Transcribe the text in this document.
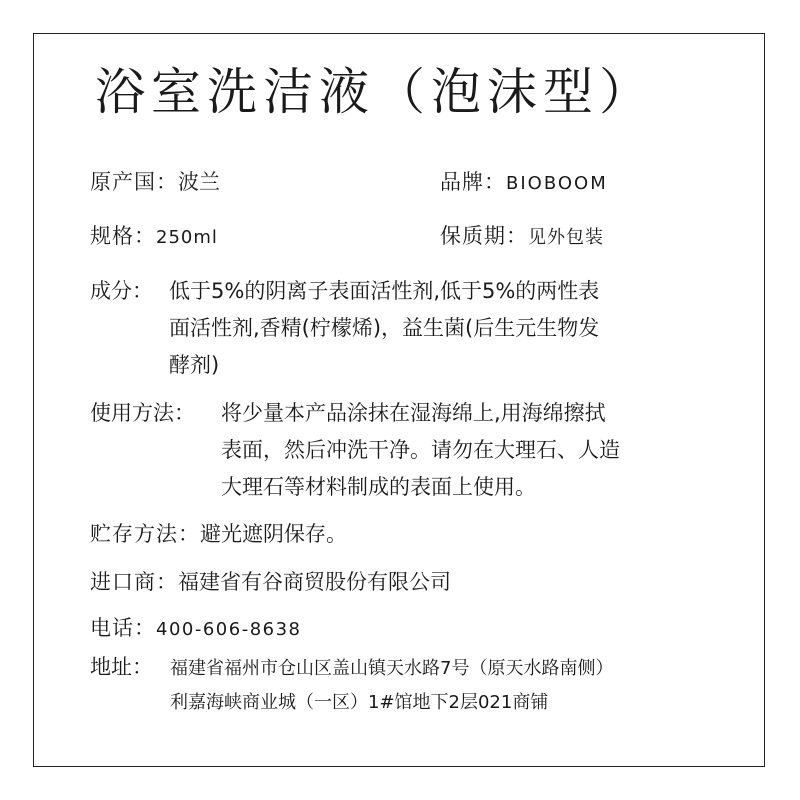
浴室洗洁液（泡沫型）
原产国：波兰	品牌：BIOBOOM
规格：250ml	保质期：见外包装
成分： 低于5%的阴离子表面活性剂,低于5%的两性表
面活性剂,香精(柠檬烯)，益生菌(后生元生物发
酵剂)
使用方法： 将少量本产品涂抹在湿海绵上,用海绵擦拭
表面，然后冲洗干净。请勿在大理石、人造
大理石等材料制成的表面上使用。
贮存方法：避光遮阴保存。
进口商：福建省有谷商贸股份有限公司
电话：400-606-8638
地址： 福建省福州市仓山区盖山镇天水路7号（原天水路南侧）
利嘉海峡商业城（一区）1#馆地下2层021商铺
